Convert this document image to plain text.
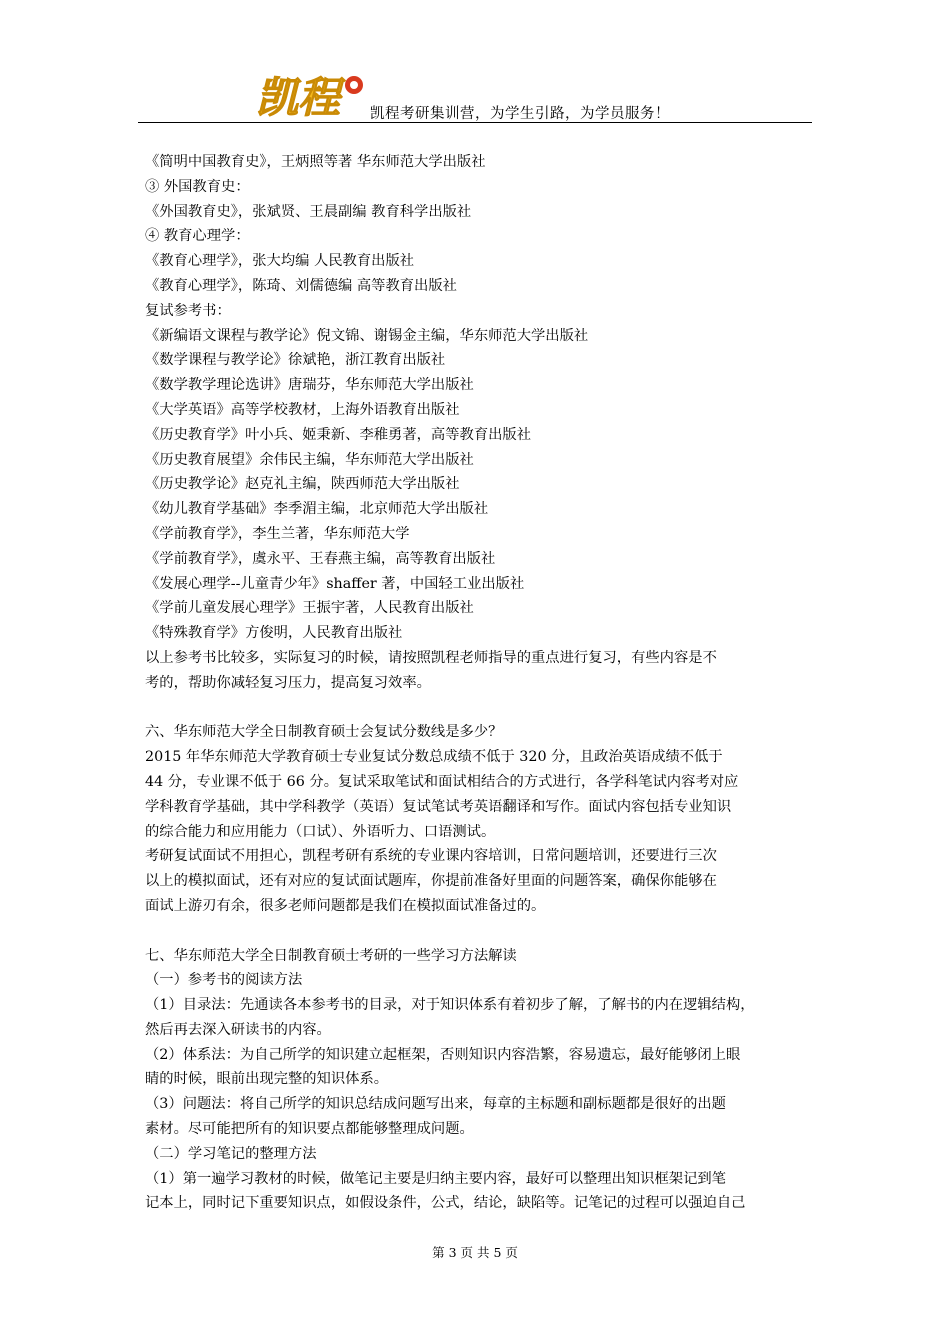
凯程	凯程考研集训营，为学生引路，为学员服务！
《简明中国教育史》，王炳照等著 华东师范大学出版社
③ 外国教育史：
《外国教育史》，张斌贤、王晨副编 教育科学出版社
④ 教育心理学：
《教育心理学》，张大均编 人民教育出版社
《教育心理学》，陈琦、刘儒德编 高等教育出版社
复试参考书：
《新编语文课程与教学论》倪文锦、谢锡金主编，华东师范大学出版社
《数学课程与教学论》徐斌艳，浙江教育出版社
《数学教学理论选讲》唐瑞芬，华东师范大学出版社
《大学英语》高等学校教材，上海外语教育出版社
《历史教育学》叶小兵、姬秉新、李稚勇著，高等教育出版社
《历史教育展望》余伟民主编，华东师范大学出版社
《历史教学论》赵克礼主编，陕西师范大学出版社
《幼儿教育学基础》李季湄主编，北京师范大学出版社
《学前教育学》，李生兰著，华东师范大学
《学前教育学》，虞永平、王春燕主编，高等教育出版社
《发展心理学--儿童青少年》shaffer 著，中国轻工业出版社
《学前儿童发展心理学》王振宇著，人民教育出版社
《特殊教育学》方俊明，人民教育出版社
以上参考书比较多，实际复习的时候，请按照凯程老师指导的重点进行复习，有些内容是不
考的，帮助你减轻复习压力，提高复习效率。
六、华东师范大学全日制教育硕士会复试分数线是多少？
2015 年华东师范大学教育硕士专业复试分数总成绩不低于 320 分，且政治英语成绩不低于
44 分，专业课不低于 66 分。复试采取笔试和面试相结合的方式进行，各学科笔试内容考对应
学科教育学基础，其中学科教学（英语）复试笔试考英语翻译和写作。面试内容包括专业知识
的综合能力和应用能力（口试）、外语听力、口语测试。
考研复试面试不用担心，凯程考研有系统的专业课内容培训，日常问题培训，还要进行三次
以上的模拟面试，还有对应的复试面试题库，你提前准备好里面的问题答案，确保你能够在
面试上游刃有余，很多老师问题都是我们在模拟面试准备过的。
七、华东师范大学全日制教育硕士考研的一些学习方法解读
（一）参考书的阅读方法
（1）目录法：先通读各本参考书的目录，对于知识体系有着初步了解，了解书的内在逻辑结构，
然后再去深入研读书的内容。
（2）体系法：为自己所学的知识建立起框架，否则知识内容浩繁，容易遗忘，最好能够闭上眼
睛的时候，眼前出现完整的知识体系。
（3）问题法：将自己所学的知识总结成问题写出来，每章的主标题和副标题都是很好的出题
素材。尽可能把所有的知识要点都能够整理成问题。
（二）学习笔记的整理方法
（1）第一遍学习教材的时候，做笔记主要是归纳主要内容，最好可以整理出知识框架记到笔
记本上，同时记下重要知识点，如假设条件，公式，结论，缺陷等。记笔记的过程可以强迫自己
第 3 页 共 5 页
